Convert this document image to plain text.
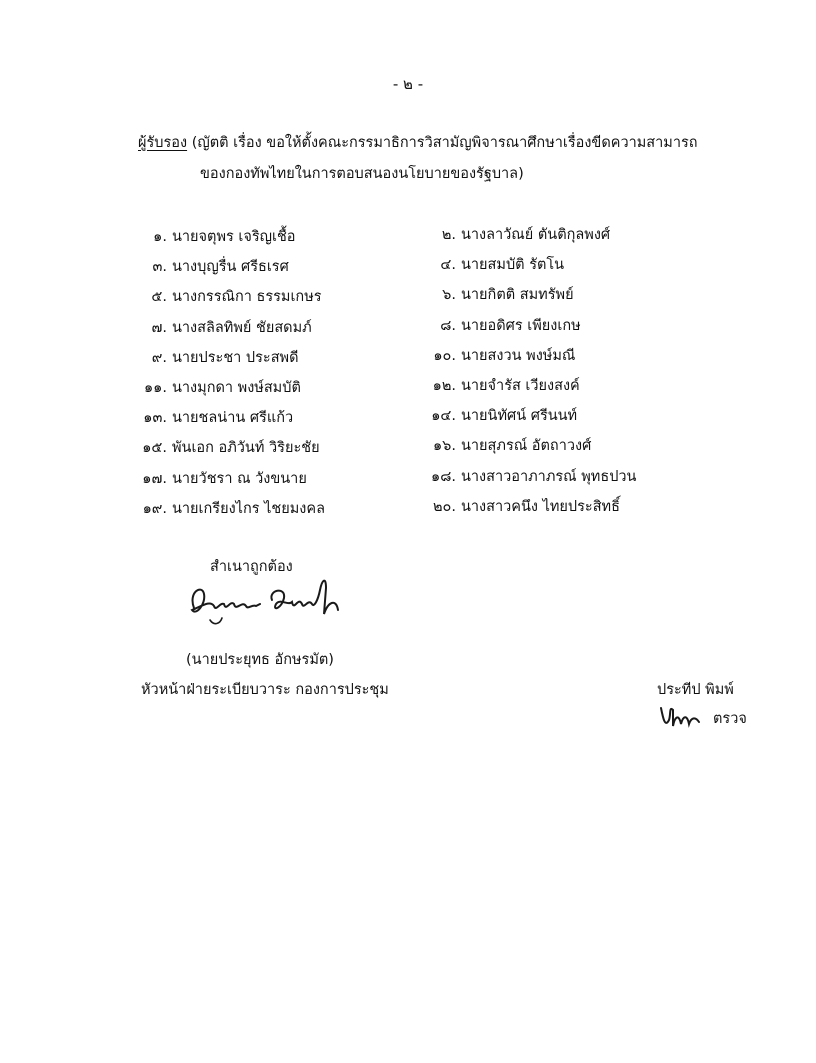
- ๒ -
ผู้รับรอง (ญัตติ เรื่อง ขอให้ตั้งคณะกรรมาธิการวิสามัญพิจารณาศึกษาเรื่องขีดความสามารถ
ของกองทัพไทยในการตอบสนองนโยบายของรัฐบาล)
๑. นายจตุพร เจริญเชื้อ
๓. นางบุญรื่น ศรีธเรศ
๕. นางกรรณิกา ธรรมเกษร
๗. นางสลิลทิพย์ ชัยสดมภ์
๙. นายประชา ประสพดี
๑๑. นางมุกดา พงษ์สมบัติ
๑๓. นายชลน่าน ศรีแก้ว
๑๕. พันเอก อภิวันท์ วิริยะชัย
๑๗. นายวัชรา ณ วังขนาย
๑๙. นายเกรียงไกร ไชยมงคล
๒. นางลาวัณย์ ตันติกุลพงศ์
๔. นายสมบัติ รัตโน
๖. นายกิตติ สมทรัพย์
๘. นายอดิศร เพียงเกษ
๑๐. นายสงวน พงษ์มณี
๑๒. นายจำรัส เวียงสงค์
๑๔. นายนิทัศน์ ศรีนนท์
๑๖. นายสุภรณ์ อัตถาวงศ์
๑๘. นางสาวอาภาภรณ์ พุทธปวน
๒๐. นางสาวคนึง ไทยประสิทธิ์
สำเนาถูกต้อง
(นายประยุทธ อักษรมัต)
หัวหน้าฝ่ายระเบียบวาระ กองการประชุม	ประทีป พิมพ์
ตรวจ
